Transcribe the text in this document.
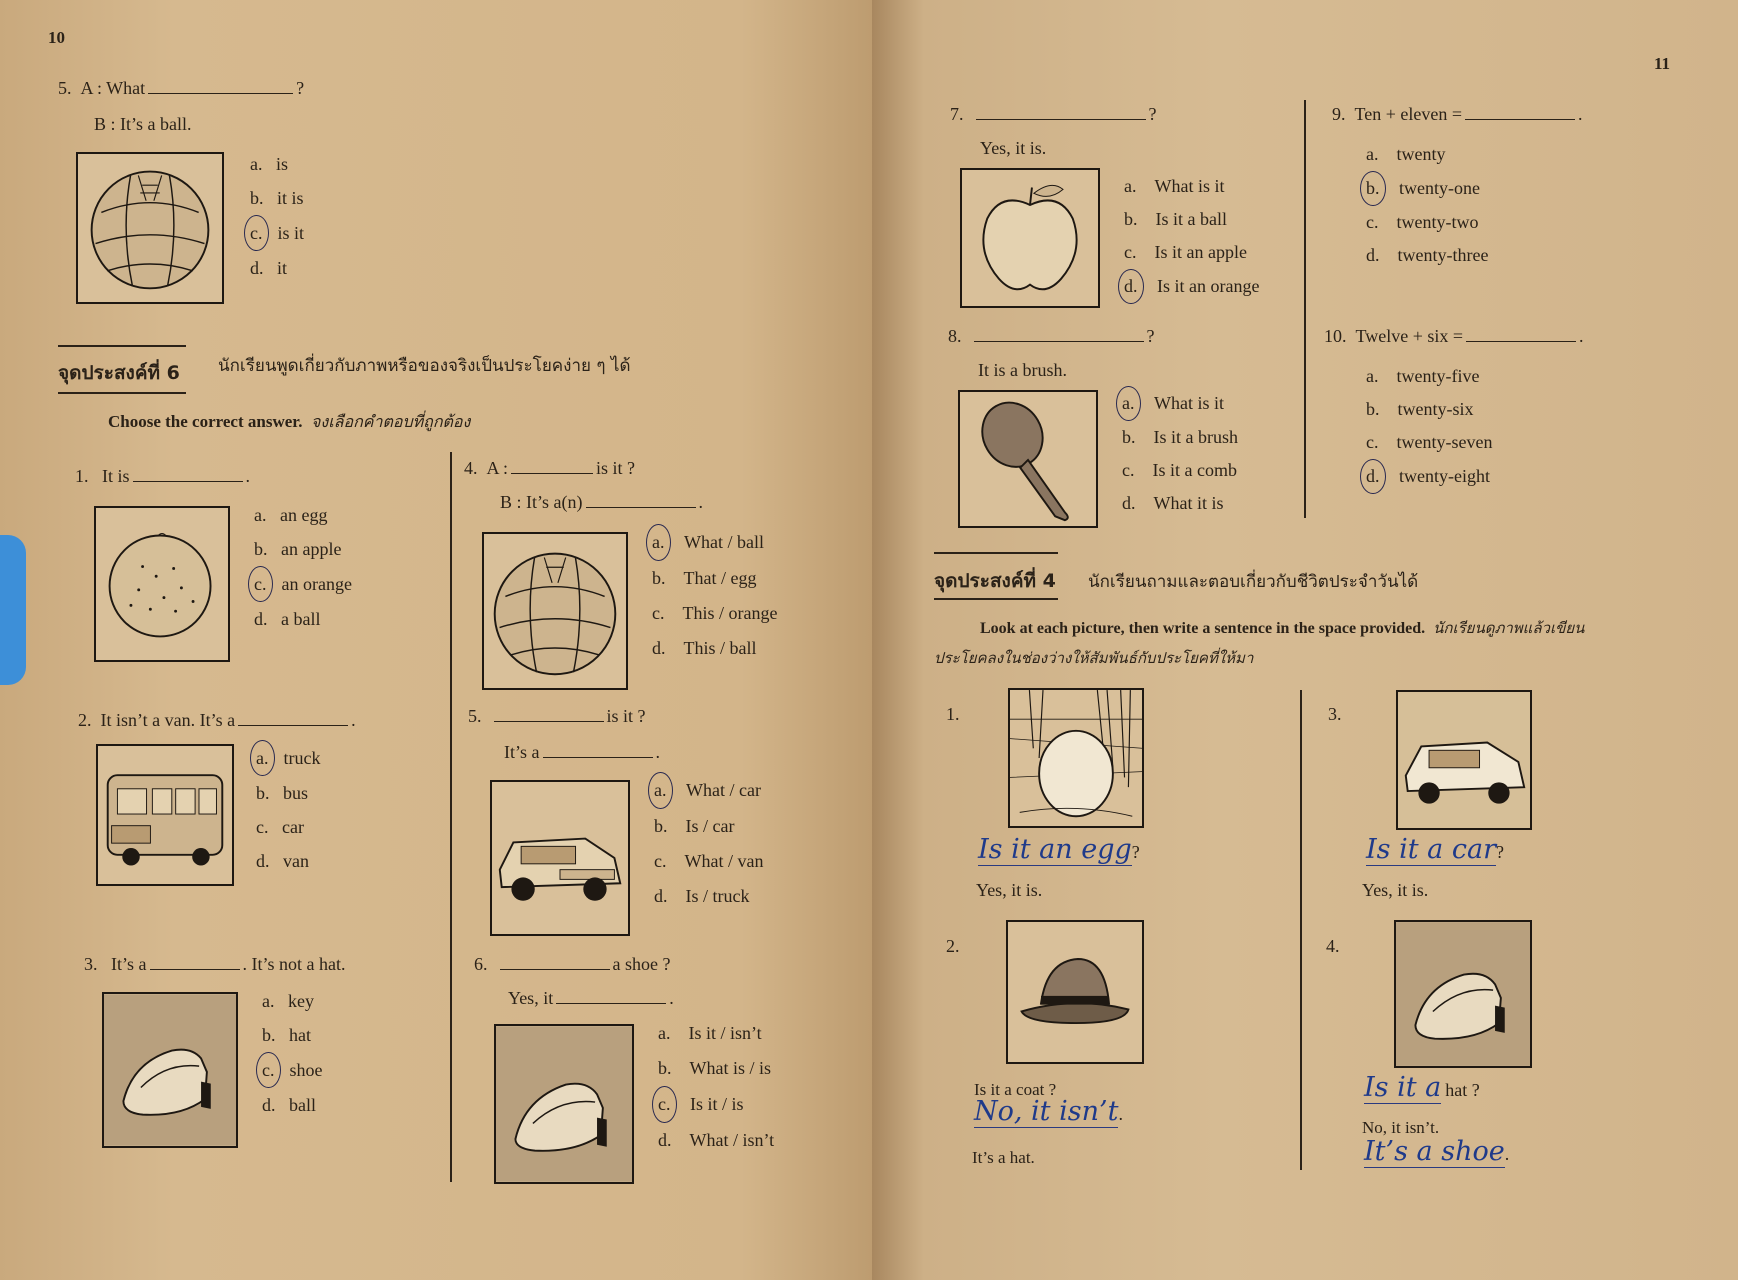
10
5. A : What	?
B : It’s a ball.
a. is
b. it is
c. is it
d. it
จุดประสงค์ที่ 6 นักเรียนพูดเกี่ยวกับภาพหรือของจริงเป็นประโยคง่าย ๆ ได้
Choose the correct answer. จงเลือกคำตอบที่ถูกต้อง
1. It is	.
a. an egg
b. an apple
c. an orange
d. a ball
2. It isn’t a van. It’s a	.
a. truck
b. bus
c. car
d. van
3. It’s a	. It’s not a hat.
a. key
b. hat
c. shoe
d. ball
4. A :	is it ?
B : It’s a(n)	.
a. What / ball
b. That / egg
c. This / orange
d. This / ball
5.	is it ?
It’s a	.
a. What / car
b. Is / car
c. What / van
d. Is / truck
6.	a shoe ?
Yes, it	.
a. Is it / isn’t
b. What is / is
c. Is it / is
d. What / isn’t
11
7.	?
Yes, it is.
a. What is it
b. Is it a ball
c. Is it an apple
d. Is it an orange
8.	?
It is a brush.
a. What is it
b. Is it a brush
c. Is it a comb
d. What it is
9. Ten + eleven =	.
a. twenty
b. twenty-one
c. twenty-two
d. twenty-three
10. Twelve + six =	.
a. twenty-five
b. twenty-six
c. twenty-seven
d. twenty-eight
จุดประสงค์ที่ 4 นักเรียนถามและตอบเกี่ยวกับชีวิตประจำวันได้
Look at each picture, then write a sentence in the space provided. นักเรียนดูภาพแล้วเขียน
ประโยคลงในช่องว่างให้สัมพันธ์กับประโยคที่ให้มา
1.
Is it an egg?
Yes, it is.
2.
Is it a coat ?
No, it isn’t.
It’s a hat.
3.
Is it a car?
Yes, it is.
4.
Is it a hat ?
No, it isn’t.
It’s a shoe.
